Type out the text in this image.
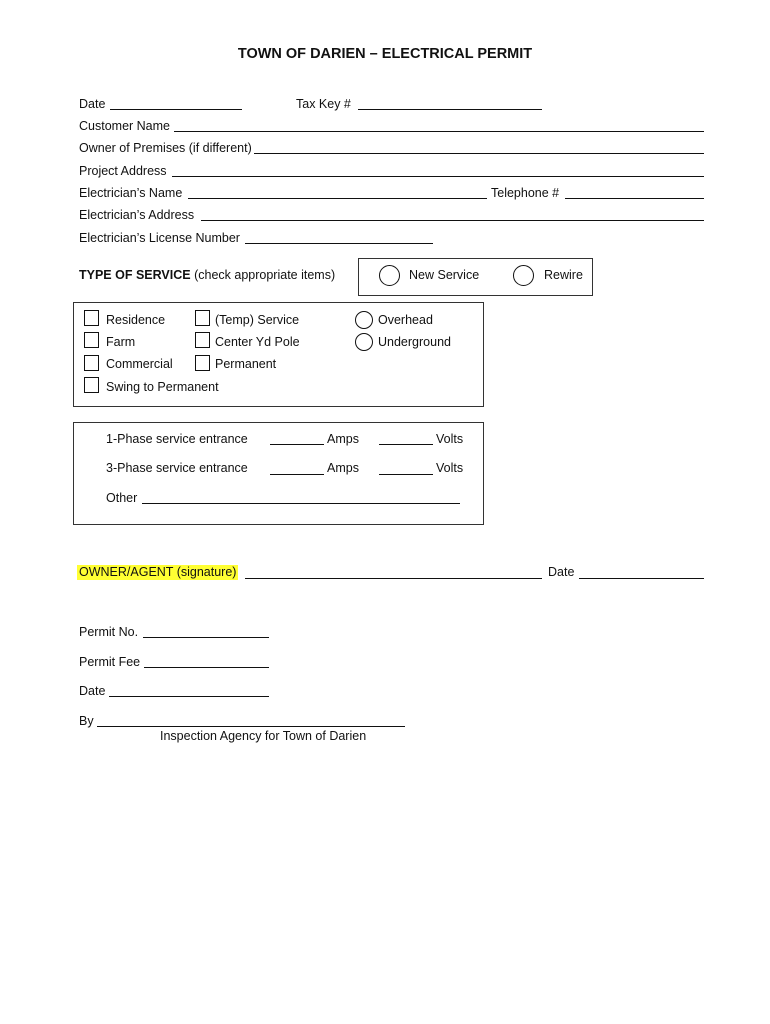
TOWN OF DARIEN – ELECTRICAL PERMIT
Date	Tax Key #
Customer Name
Owner of Premises (if different)
Project Address
Electrician’s Name	Telephone #
Electrician’s Address
Electrician’s License Number
TYPE OF SERVICE (check appropriate items)	New Service	Rewire
Residence
Farm
Commercial
Swing to Permanent
(Temp) Service
Center Yd Pole
Permanent
Overhead
Underground
1-Phase service entrance	Amps	Volts
3-Phase service entrance	Amps	Volts
Other
OWNER/AGENT (signature)	Date
Permit No.
Permit Fee
Date
By
Inspection Agency for Town of Darien
